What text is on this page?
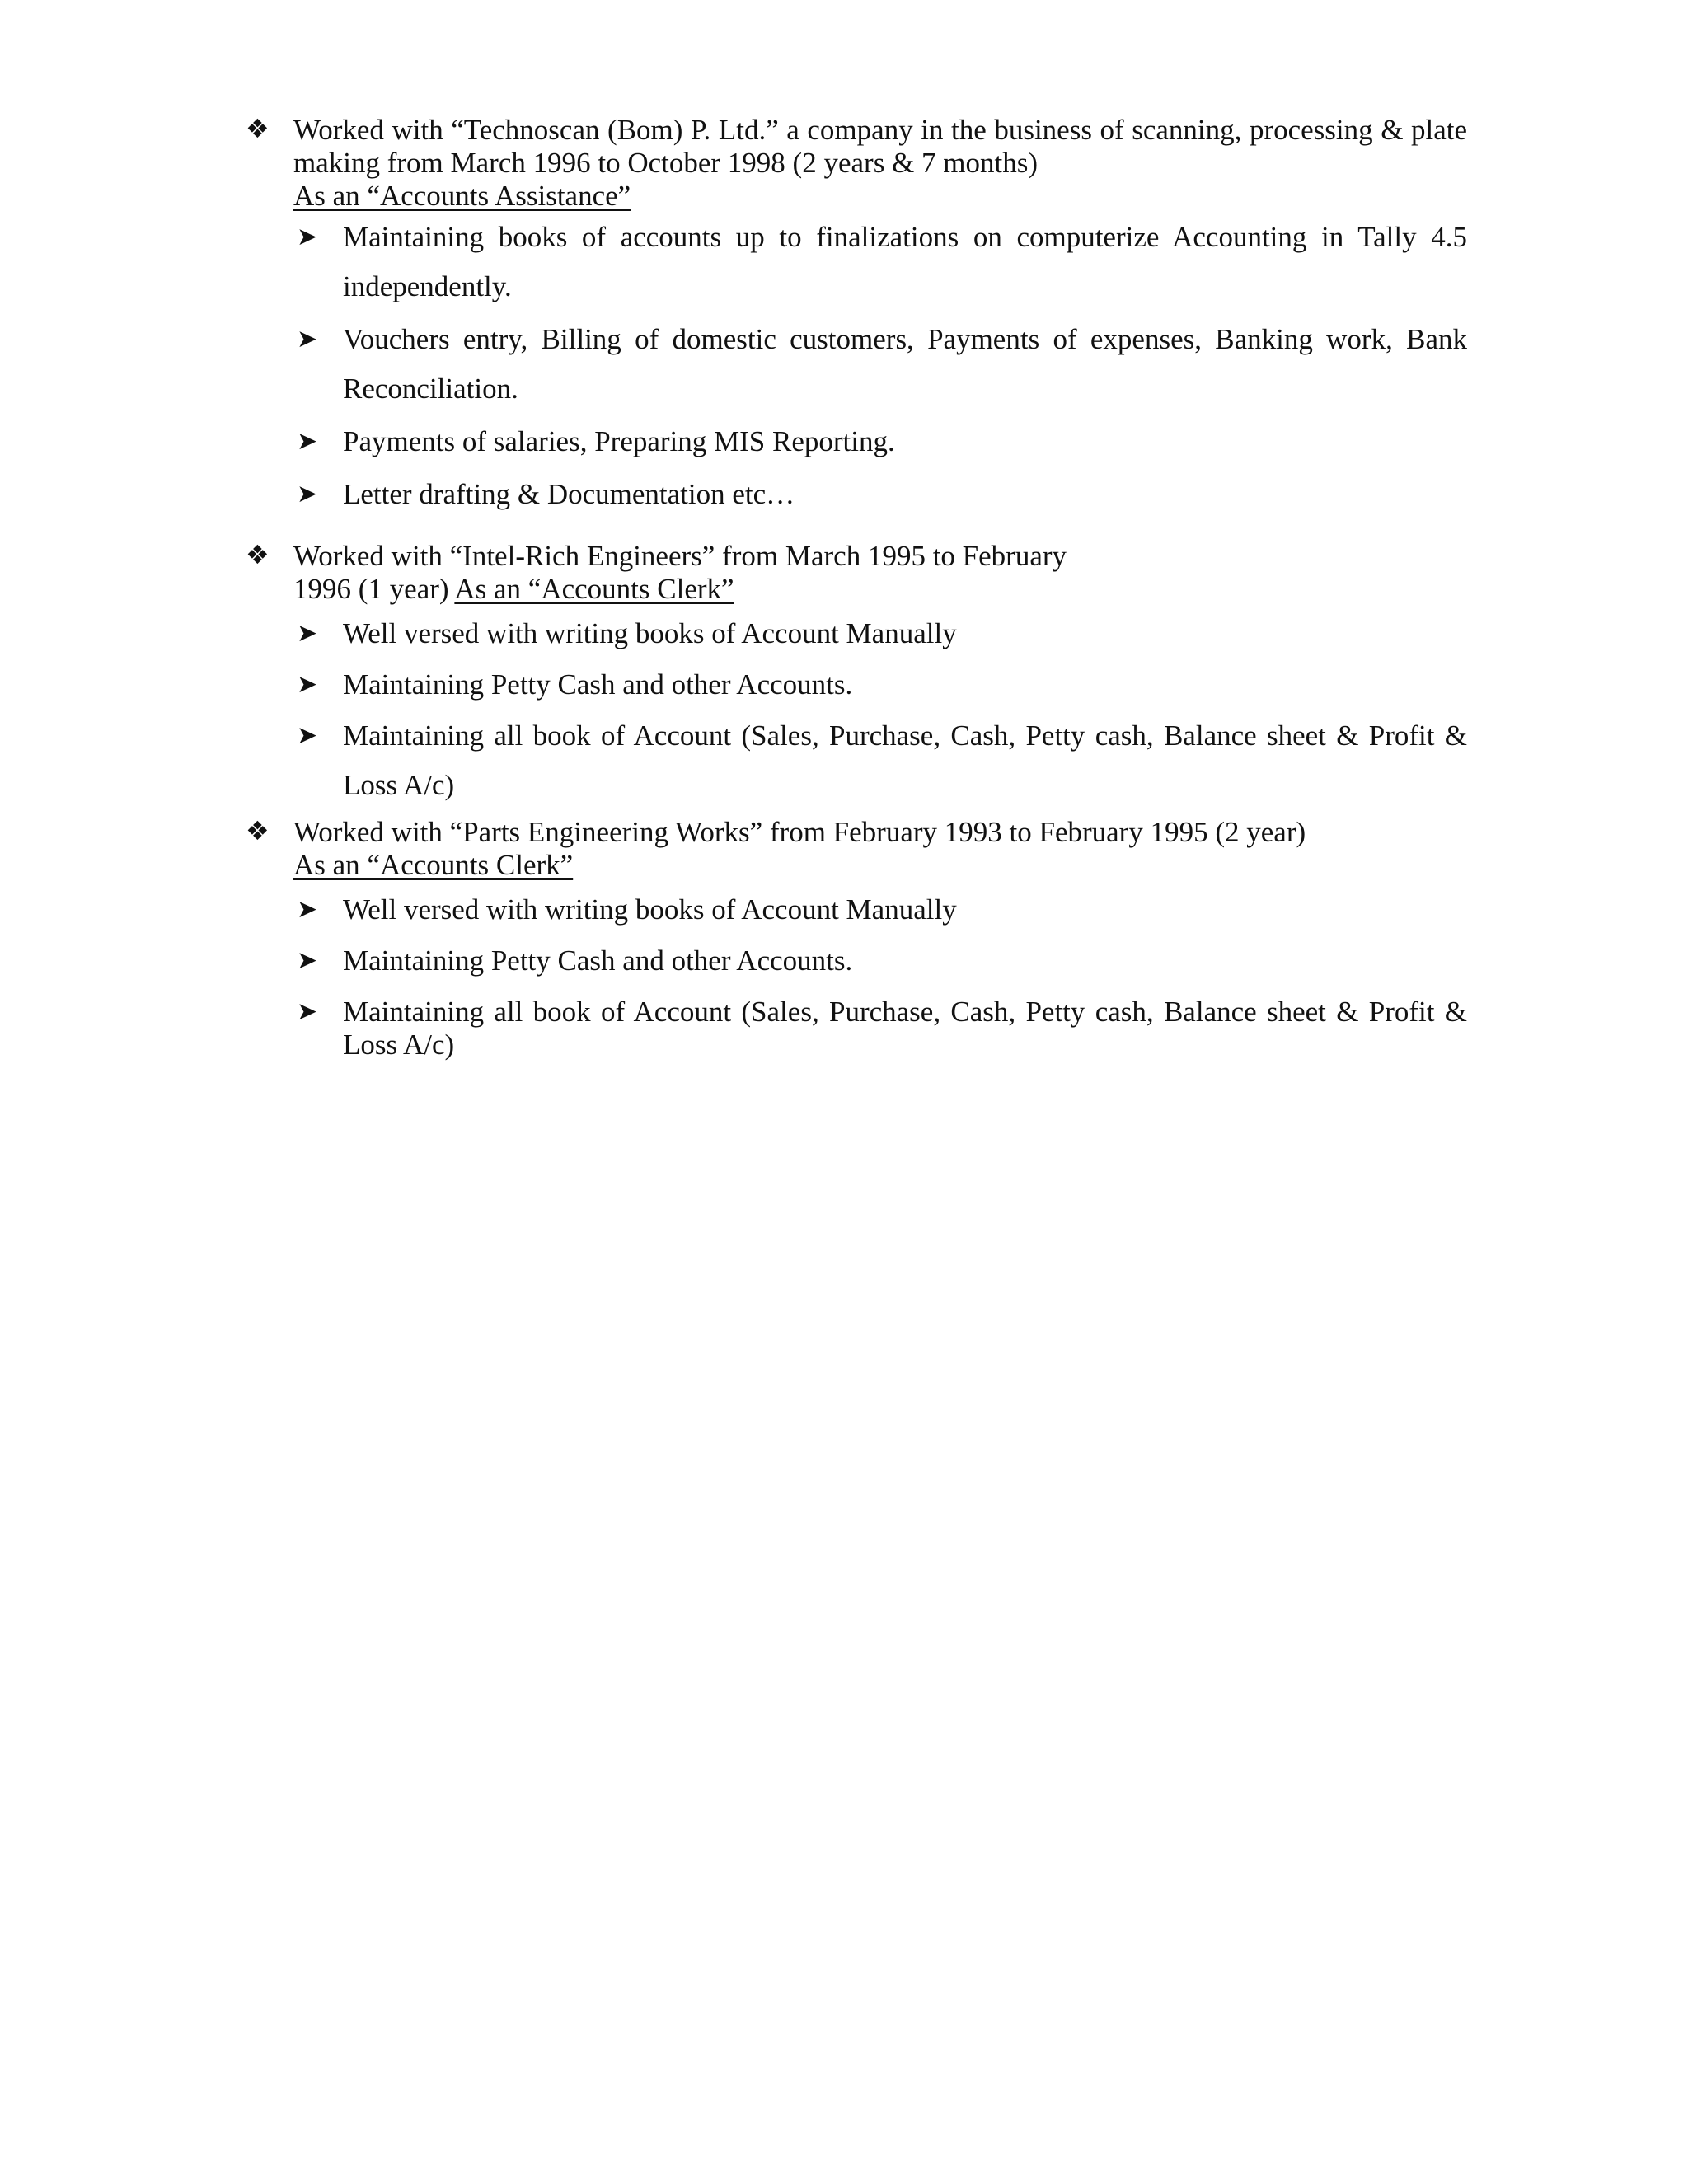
❖ Worked with “Technoscan (Bom) P. Ltd.” a company in the business of scanning, processing & plate making from March 1996 to October 1998 (2 years & 7 months)
As an “Accounts Assistance”
➤ Maintaining books of accounts up to finalizations on computerize Accounting in Tally 4.5 independently.
➤ Vouchers entry, Billing of domestic customers, Payments of expenses, Banking work, Bank Reconciliation.
➤ Payments of salaries, Preparing MIS Reporting.
➤ Letter drafting & Documentation etc…
❖ Worked with “Intel-Rich Engineers” from March 1995 to February
1996 (1 year) As an “Accounts Clerk”
➤ Well versed with writing books of Account Manually
➤ Maintaining Petty Cash and other Accounts.
➤ Maintaining all book of Account (Sales, Purchase, Cash, Petty cash, Balance sheet & Profit & Loss A/c)
❖ Worked with “Parts Engineering Works” from February 1993 to February 1995 (2 year)
As an “Accounts Clerk”
➤ Well versed with writing books of Account Manually
➤ Maintaining Petty Cash and other Accounts.
➤ Maintaining all book of Account (Sales, Purchase, Cash, Petty cash, Balance sheet & Profit & Loss A/c)
